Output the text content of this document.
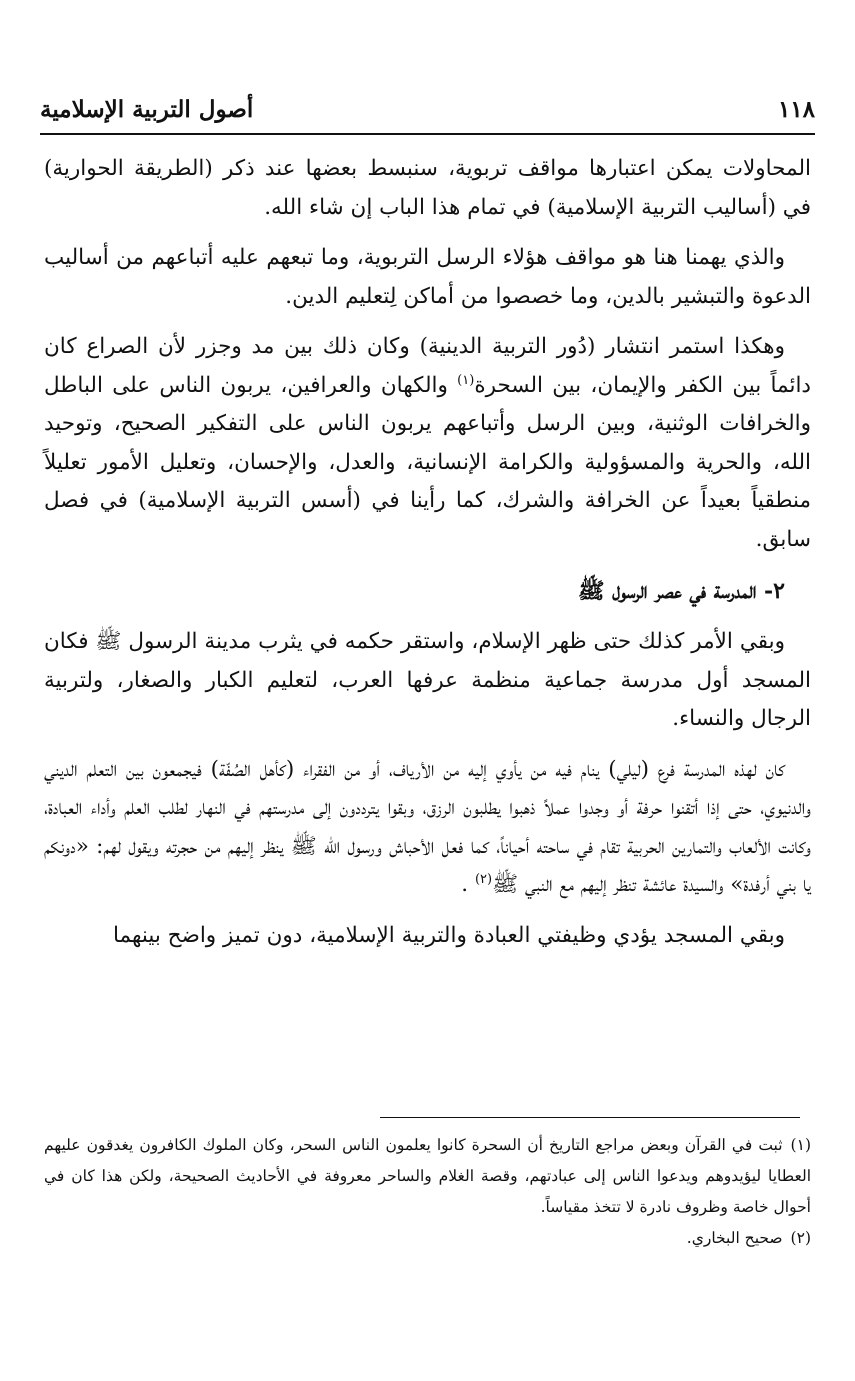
١١٨
أصول التربية الإسلامية

المحاولات يمكن اعتبارها مواقف تربوية، سنبسط بعضها عند ذكر (الطريقة الحوارية) في (أساليب التربية الإسلامية) في تمام هذا الباب إن شاء الله.

والذي يهمنا هنا هو مواقف هؤلاء الرسل التربوية، وما تبعهم عليه أتباعهم من أساليب الدعوة والتبشير بالدين، وما خصصوا من أماكن لِتعليم الدين.

وهكذا استمر انتشار (دُور التربية الدينية) وكان ذلك بين مد وجزر لأن الصراع كان دائماً بين الكفر والإيمان، بين السحرة$^{(١)}$ والكهان والعرافين، يربون الناس على الباطل والخرافات الوثنية، وبين الرسل وأتباعهم يربون الناس على التفكير الصحيح، وتوحيد الله، والحرية والمسؤولية والكرامة الإنسانية، والعدل، والإحسان، وتعليل الأمور تعليلاً منطقياً بعيداً عن الخرافة والشرك، كما رأينا في (أسس التربية الإسلامية) في فصل سابق.

٢- المدرسة في عصر الرسول ﷺ

وبقي الأمر كذلك حتى ظهر الإسلام، واستقر حكمه في يثرب مدينة الرسول ﷺ فكان المسجد أول مدرسة جماعية منظمة عرفها العرب، لتعليم الكبار والصغار، ولتربية الرجال والنساء.

كان لهذه المدرسة فرع (ليلي) ينام فيه من يأوي إليه من الأرياف، أو من الفقراء (كأهل الصُفّة) فيجمعون بين التعلم الديني والدنيوي، حتى إذا أتقنوا حرفة أو وجدوا عملاً ذهبوا يطلبون الرزق، وبقوا يترددون إلى مدرستهم في النهار لطلب العلم وأداء العبادة، وكانت الألعاب والتمارين الحربية تقام في ساحته أحياناً، كما فعل الأحباش ورسول الله ﷺ ينظر إليهم من حجرته ويقول لهم: «دونكم يا بني أرفدة» والسيدة عائشة تنظر إليهم مع النبي ﷺ$^{(٢)}$ .

وبقي المسجد يؤدي وظيفتي العبادة والتربية الإسلامية، دون تميز واضح بينهما

(١)ثبت في القرآن وبعض مراجع التاريخ أن السحرة كانوا يعلمون الناس السحر، وكان الملوك الكافرون يغدقون عليهم العطايا ليؤيدوهم ويدعوا الناس إلى عبادتهم، وقصة الغلام والساحر معروفة في الأحاديث الصحيحة، ولكن هذا كان في أحوال خاصة وظروف نادرة لا تتخذ مقياساً.

(٢)صحيح البخاري.
